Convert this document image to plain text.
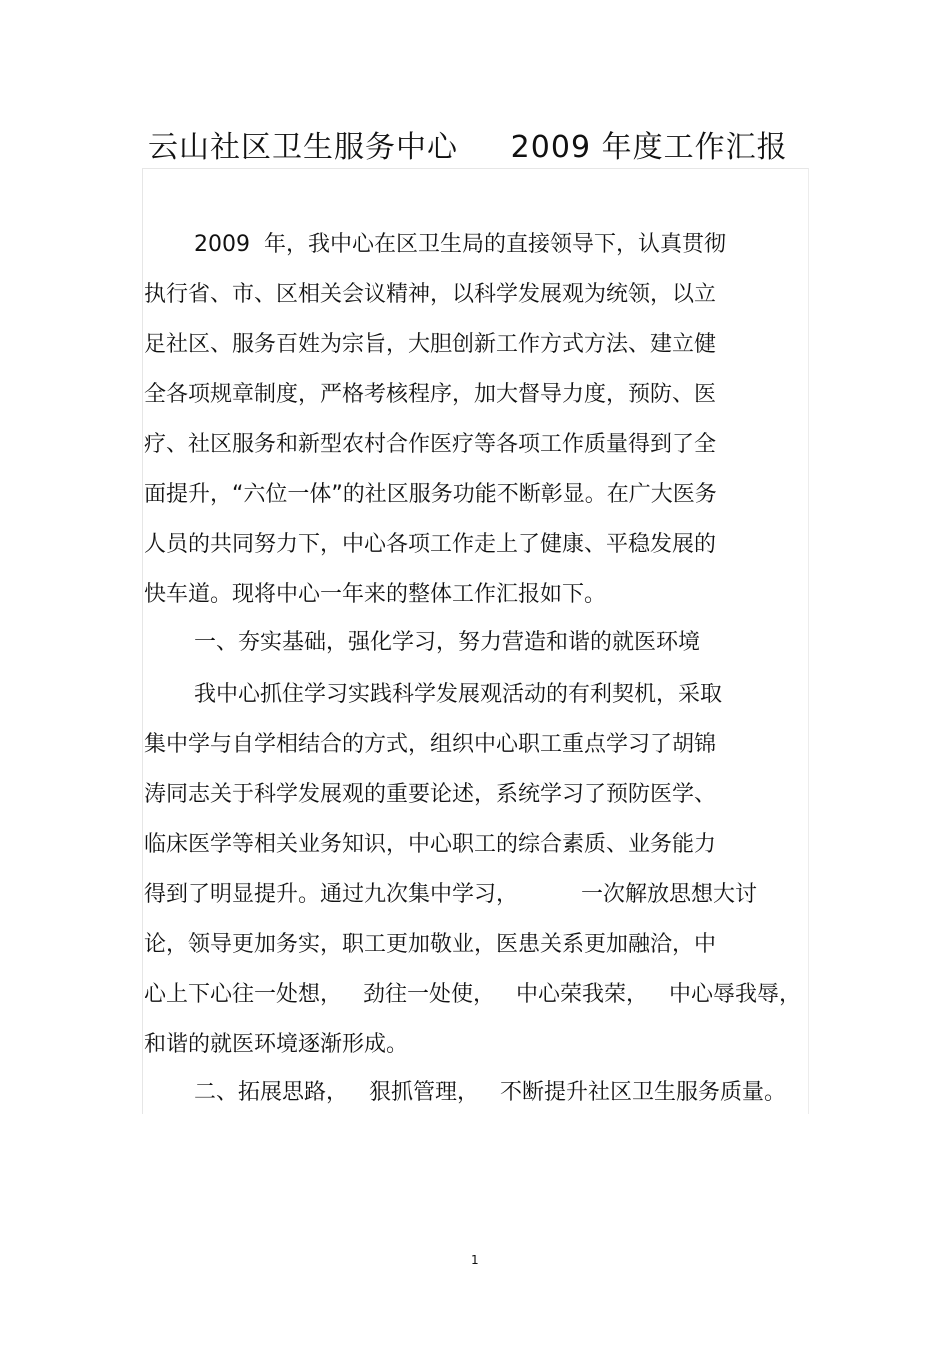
云山社区卫生服务中心     2009 年度工作汇报
2009  年，我中心在区卫生局的直接领导下，认真贯彻
执行省、市、区相关会议精神，以科学发展观为统领，以立
足社区、服务百姓为宗旨，大胆创新工作方式方法、建立健
全各项规章制度，严格考核程序，加大督导力度，预防、医
疗、社区服务和新型农村合作医疗等各项工作质量得到了全
面提升，“六位一体”的社区服务功能不断彰显。在广大医务
人员的共同努力下，中心各项工作走上了健康、平稳发展的
快车道。现将中心一年来的整体工作汇报如下。
一、夯实基础，强化学习，努力营造和谐的就医环境
我中心抓住学习实践科学发展观活动的有利契机，采取
集中学与自学相结合的方式，组织中心职工重点学习了胡锦
涛同志关于科学发展观的重要论述，系统学习了预防医学、
临床医学等相关业务知识，中心职工的综合素质、业务能力
得到了明显提升。通过九次集中学习，         一次解放思想大讨
论，领导更加务实，职工更加敬业，医患关系更加融洽，中
心上下心往一处想，   劲往一处使，   中心荣我荣，   中心辱我辱，
和谐的就医环境逐渐形成。
二、拓展思路，   狠抓管理，   不断提升社区卫生服务质量。
1
